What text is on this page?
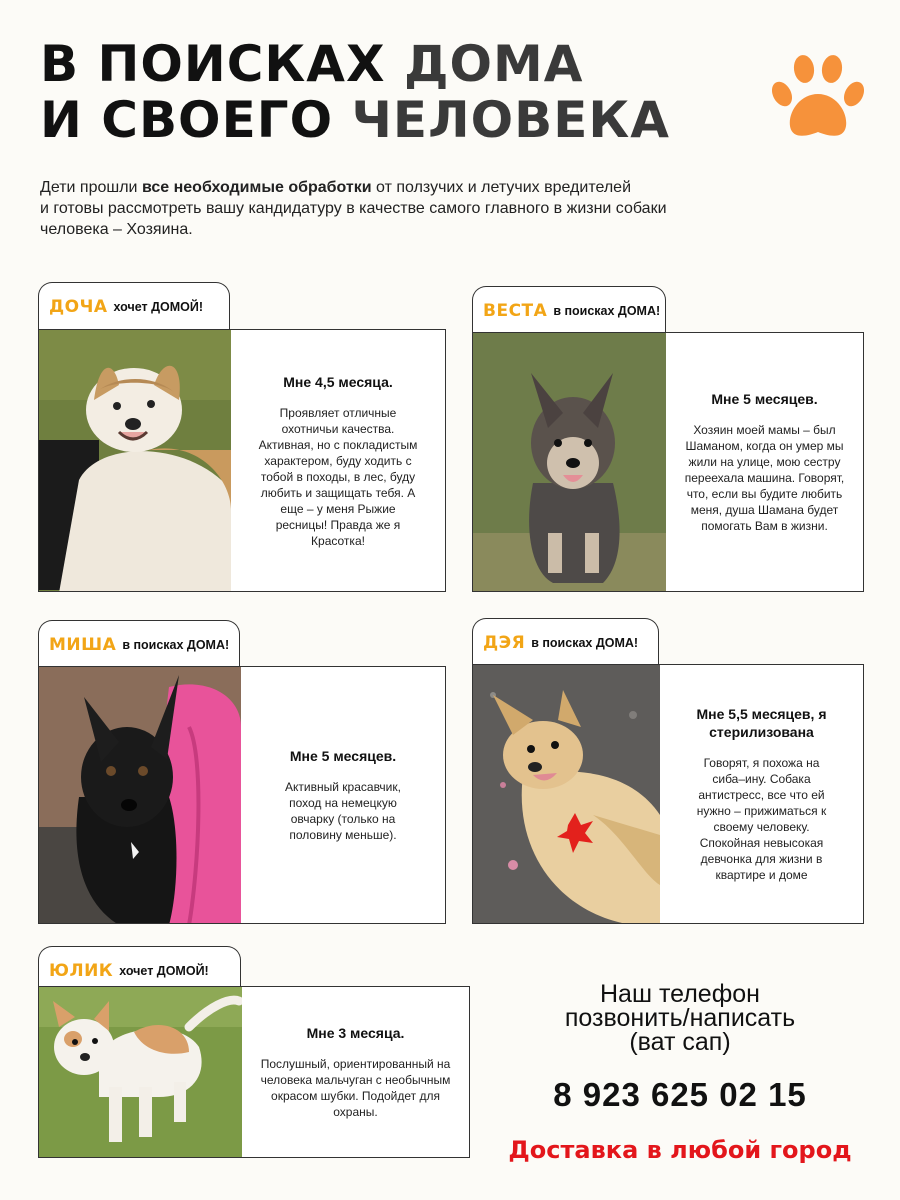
В ПОИСКАХ ДОМА
И СВОЕГО ЧЕЛОВЕКА
Дети прошли все необходимые обработки от ползучих и летучих вредителей
и готовы рассмотреть вашу кандидатуру в качестве самого главного в жизни собаки
человека – Хозяина.
ДОЧА хочет ДОМОЙ!
Мне 4,5 месяца.
Проявляет отличные охотничьи качества. Активная, но с покладистым характером, буду ходить с тобой в походы, в лес, буду любить и защищать тебя. А еще – у меня Рыжие ресницы! Правда же я Красотка!
ВЕСТА в поисках ДОМА!
Мне 5 месяцев.
Хозяин моей мамы – был Шаманом, когда он умер мы жили на улице, мою сестру переехала машина. Говорят, что, если вы будите любить меня, душа Шамана будет помогать Вам в жизни.
МИША в поисках ДОМА!
Мне 5 месяцев.
Активный красавчик, поход на немецкую овчарку (только на половину меньше).
ДЭЯ в поисках ДОМА!
Мне 5,5 месяцев, я стерилизована
Говорят, я похожа на сиба–ину. Собака антистресс, все что ей нужно – прижиматься к своему человеку. Спокойная невысокая девчонка для жизни в квартире и доме
ЮЛИК хочет ДОМОЙ!
Мне 3 месяца.
Послушный, ориентированный на человека мальчуган с необычным окрасом шубки. Подойдет для охраны.
Наш телефон
позвонить/написать
(ват сап)
8 923 625 02 15
Доставка в любой город
